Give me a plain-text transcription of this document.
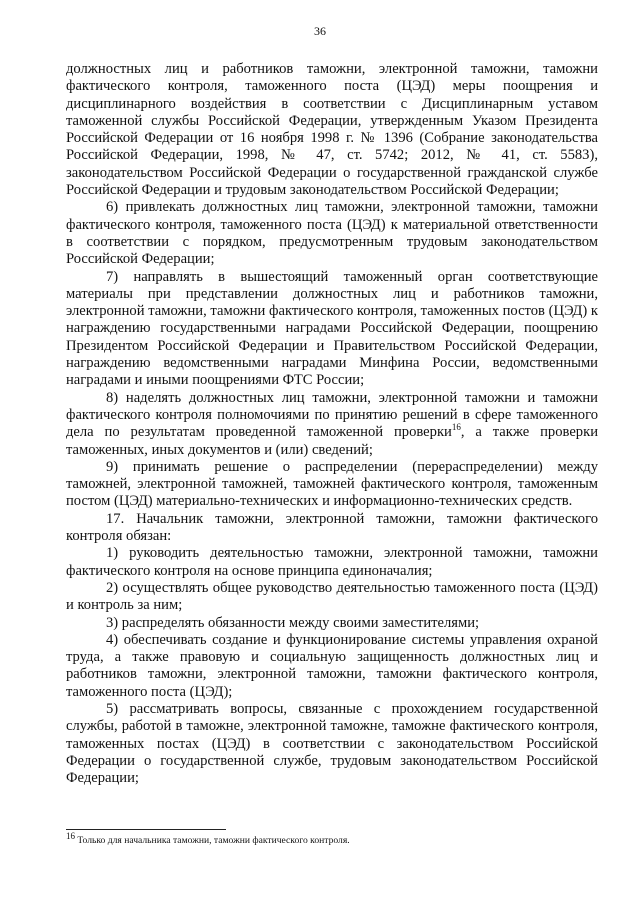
36

должностных лиц и работников таможни, электронной таможни, таможни фактического контроля, таможенного поста (ЦЭД) меры поощрения и дисциплинарного воздействия в соответствии с Дисциплинарным уставом таможенной службы Российской Федерации, утвержденным Указом Президента Российской Федерации от 16 ноября 1998 г. № 1396 (Собрание законодательства Российской Федерации, 1998, № 47, ст. 5742; 2012, № 41, ст. 5583), законодательством Российской Федерации о государственной гражданской службе Российской Федерации и трудовым законодательством Российской Федерации;

6) привлекать должностных лиц таможни, электронной таможни, таможни фактического контроля, таможенного поста (ЦЭД) к материальной ответственности в соответствии с порядком, предусмотренным трудовым законодательством Российской Федерации;

7) направлять в вышестоящий таможенный орган соответствующие материалы при представлении должностных лиц и работников таможни, электронной таможни, таможни фактического контроля, таможенных постов (ЦЭД) к награждению государственными наградами Российской Федерации, поощрению Президентом Российской Федерации и Правительством Российской Федерации, награждению ведомственными наградами Минфина России, ведомственными наградами и иными поощрениями ФТС России;

8) наделять должностных лиц таможни, электронной таможни и таможни фактического контроля полномочиями по принятию решений в сфере таможенного дела по результатам проведенной таможенной проверки$^{16}$, а также проверки таможенных, иных документов и (или) сведений;

9) принимать решение о распределении (перераспределении) между таможней, электронной таможней, таможней фактического контроля, таможенным постом (ЦЭД) материально-технических и информационно-технических средств.

17. Начальник таможни, электронной таможни, таможни фактического контроля обязан:

1) руководить деятельностью таможни, электронной таможни, таможни фактического контроля на основе принципа единоначалия;

2) осуществлять общее руководство деятельностью таможенного поста (ЦЭД) и контроль за ним;

3) распределять обязанности между своими заместителями;

4) обеспечивать создание и функционирование системы управления охраной труда, а также правовую и социальную защищенность должностных лиц и работников таможни, электронной таможни, таможни фактического контроля, таможенного поста (ЦЭД);

5) рассматривать вопросы, связанные с прохождением государственной службы, работой в таможне, электронной таможне, таможне фактического контроля, таможенных постах (ЦЭД) в соответствии с законодательством Российской Федерации о государственной службе, трудовым законодательством Российской Федерации;

$^{16}$ Только для начальника таможни, таможни фактического контроля.
